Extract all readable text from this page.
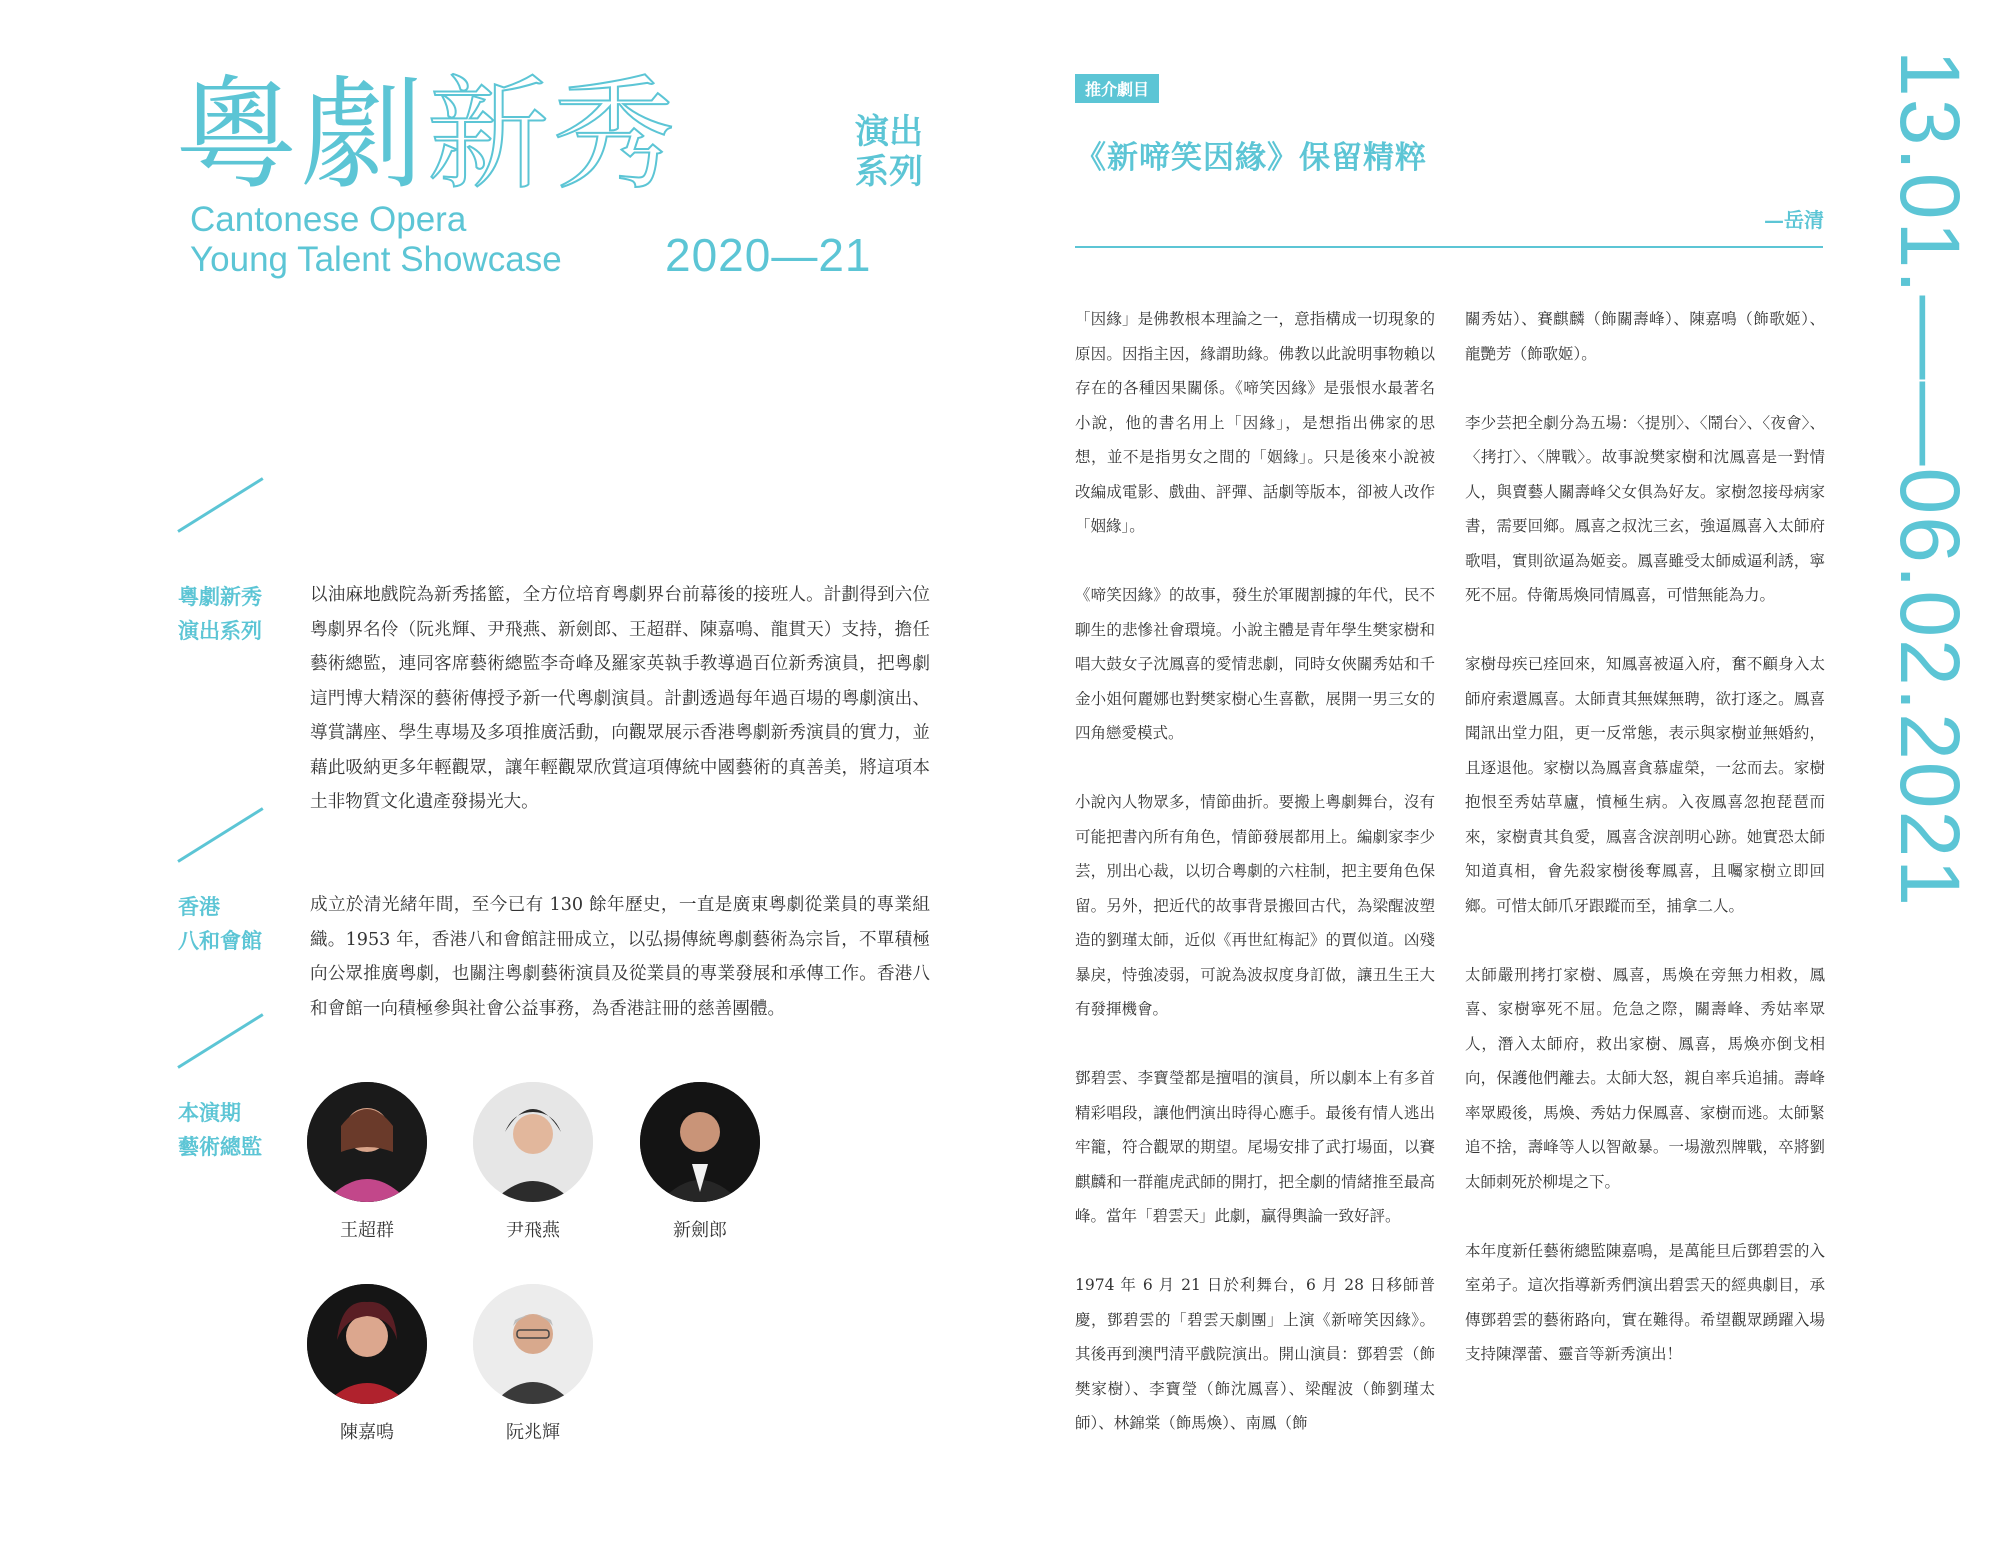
粵劇新秀	演出
系列
Cantonese Opera
Young Talent Showcase 2020—21	13.01.——06.02.2021
粵劇新秀
演出系列
以油麻地戲院為新秀搖籃，全方位培育粵劇界台前幕後的接班人。計劃得到六位粵劇界名伶（阮兆輝、尹飛燕、新劍郎、王超群、陳嘉鳴、龍貫天）支持，擔任藝術總監，連同客席藝術總監李奇峰及羅家英執手教導過百位新秀演員，把粵劇這門博大精深的藝術傳授予新一代粵劇演員。計劃透過每年過百場的粵劇演出、導賞講座、學生專場及多項推廣活動，向觀眾展示香港粵劇新秀演員的實力，並藉此吸納更多年輕觀眾，讓年輕觀眾欣賞這項傳統中國藝術的真善美，將這項本土非物質文化遺產發揚光大。
香港
八和會館
成立於清光緒年間，至今已有 130 餘年歷史，一直是廣東粵劇從業員的專業組織。1953 年，香港八和會館註冊成立，以弘揚傳統粵劇藝術為宗旨，不單積極向公眾推廣粵劇，也關注粵劇藝術演員及從業員的專業發展和承傳工作。香港八和會館一向積極參與社會公益事務，為香港註冊的慈善團體。
本演期
藝術總監
王超群	尹飛燕	新劍郎
陳嘉鳴	阮兆輝
推介劇目
《新啼笑因緣》保留精粹
—岳清

「因緣」是佛教根本理論之一，意指構成一切現象的原因。因指主因，緣謂助緣。佛教以此說明事物賴以存在的各種因果關係。《啼笑因緣》是張恨水最著名小說，他的書名用上「因緣」，是想指出佛家的思想，並不是指男女之間的「姻緣」。只是後來小說被改編成電影、戲曲、評彈、話劇等版本，卻被人改作「姻緣」。

《啼笑因緣》的故事，發生於軍閥割據的年代，民不聊生的悲慘社會環境。小說主體是青年學生樊家樹和唱大鼓女子沈鳳喜的愛情悲劇，同時女俠關秀姑和千金小姐何麗娜也對樊家樹心生喜歡，展開一男三女的四角戀愛模式。

小說內人物眾多，情節曲折。要搬上粵劇舞台，沒有可能把書內所有角色，情節發展都用上。編劇家李少芸，別出心裁，以切合粵劇的六柱制，把主要角色保留。另外，把近代的故事背景搬回古代，為梁醒波塑造的劉瑾太師，近似《再世紅梅記》的賈似道。凶殘暴戾，恃強凌弱，可說為波叔度身訂做，讓丑生王大有發揮機會。

鄧碧雲、李寶瑩都是擅唱的演員，所以劇本上有多首精彩唱段，讓他們演出時得心應手。最後有情人逃出牢籠，符合觀眾的期望。尾場安排了武打場面，以賽麒麟和一群龍虎武師的開打，把全劇的情緒推至最高峰。當年「碧雲天」此劇，贏得輿論一致好評。

1974 年 6 月 21 日於利舞台，6 月 28 日移師普慶，鄧碧雲的「碧雲天劇團」上演《新啼笑因緣》。其後再到澳門清平戲院演出。開山演員：鄧碧雲（飾樊家樹）、李寶瑩（飾沈鳳喜）、梁醒波（飾劉瑾太師）、林錦棠（飾馬煥）、南鳳（飾

關秀姑）、賽麒麟（飾關壽峰）、陳嘉鳴（飾歌姬）、龍艷芳（飾歌姬）。

李少芸把全劇分為五場：〈提別〉、〈鬧台〉、〈夜會〉、〈拷打〉、〈牌戰〉。故事說樊家樹和沈鳳喜是一對情人，與賣藝人關壽峰父女俱為好友。家樹忽接母病家書，需要回鄉。鳳喜之叔沈三玄，強逼鳳喜入太師府歌唱，實則欲逼為姬妾。鳳喜雖受太師威逼利誘，寧死不屈。侍衛馬煥同情鳳喜，可惜無能為力。

家樹母疾已痊回來，知鳳喜被逼入府，奮不顧身入太師府索還鳳喜。太師責其無媒無聘，欲打逐之。鳳喜聞訊出堂力阻，更一反常態，表示與家樹並無婚約，且逐退他。家樹以為鳳喜貪慕虛榮，一忿而去。家樹抱恨至秀姑草廬，憤極生病。入夜鳳喜忽抱琵琶而來，家樹責其負愛，鳳喜含淚剖明心跡。她實恐太師知道真相，會先殺家樹後奪鳳喜，且囑家樹立即回鄉。可惜太師爪牙跟蹤而至，捕拿二人。

太師嚴刑拷打家樹、鳳喜，馬煥在旁無力相救，鳳喜、家樹寧死不屈。危急之際，關壽峰、秀姑率眾人，潛入太師府，救出家樹、鳳喜，馬煥亦倒戈相向，保護他們離去。太師大怒，親自率兵追捕。壽峰率眾殿後，馬煥、秀姑力保鳳喜、家樹而逃。太師緊追不捨，壽峰等人以智敵暴。一場激烈牌戰，卒將劉太師刺死於柳堤之下。

本年度新任藝術總監陳嘉鳴，是萬能旦后鄧碧雲的入室弟子。這次指導新秀們演出碧雲天的經典劇目，承傳鄧碧雲的藝術路向，實在難得。希望觀眾踴躍入場支持陳澤蕾、靈音等新秀演出！
